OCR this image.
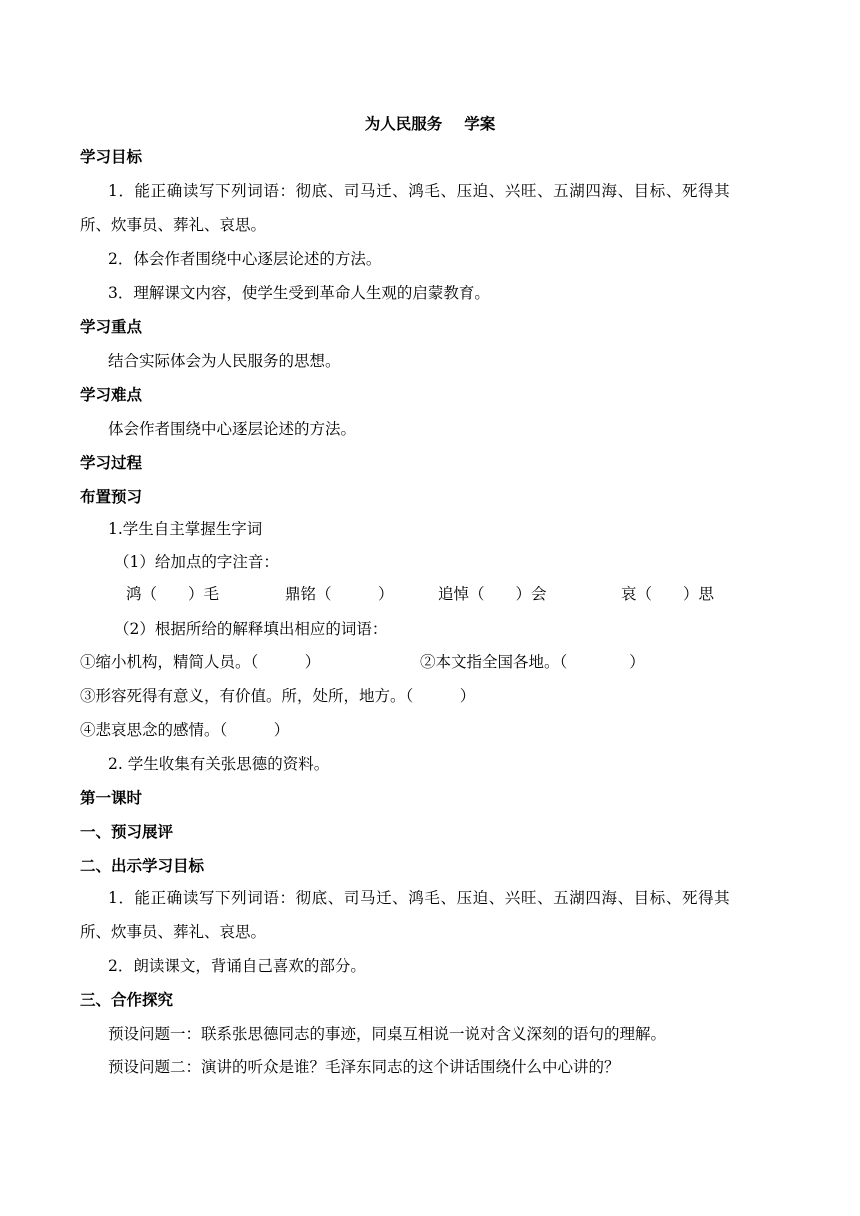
为人民服务 学案
学习目标
1．能正确读写下列词语：彻底、司马迁、鸿毛、压迫、兴旺、五湖四海、目标、死得其
所、炊事员、葬礼、哀思。
2．体会作者围绕中心逐层论述的方法。
3．理解课文内容，使学生受到革命人生观的启蒙教育。
学习重点
结合实际体会为人民服务的思想。
学习难点
体会作者围绕中心逐层论述的方法。
学习过程
布置预习
1.学生自主掌握生字词
（1）给加点的字注音：
鸿（　　）毛	鼎铭（　　　）	追悼（　　）会	哀（　　）思
（2）根据所给的解释填出相应的词语：
①缩小机构，精简人员。（　　　）	②本文指全国各地。（　　　　）
③形容死得有意义，有价值。所，处所，地方。（　　　）
④悲哀思念的感情。（　　　）
2. 学生收集有关张思德的资料。
第一课时
一、预习展评
二、出示学习目标
1．能正确读写下列词语：彻底、司马迁、鸿毛、压迫、兴旺、五湖四海、目标、死得其
所、炊事员、葬礼、哀思。
2．朗读课文，背诵自己喜欢的部分。
三、合作探究
预设问题一：联系张思德同志的事迹，同桌互相说一说对含义深刻的语句的理解。
预设问题二：演讲的听众是谁？毛泽东同志的这个讲话围绕什么中心讲的？
